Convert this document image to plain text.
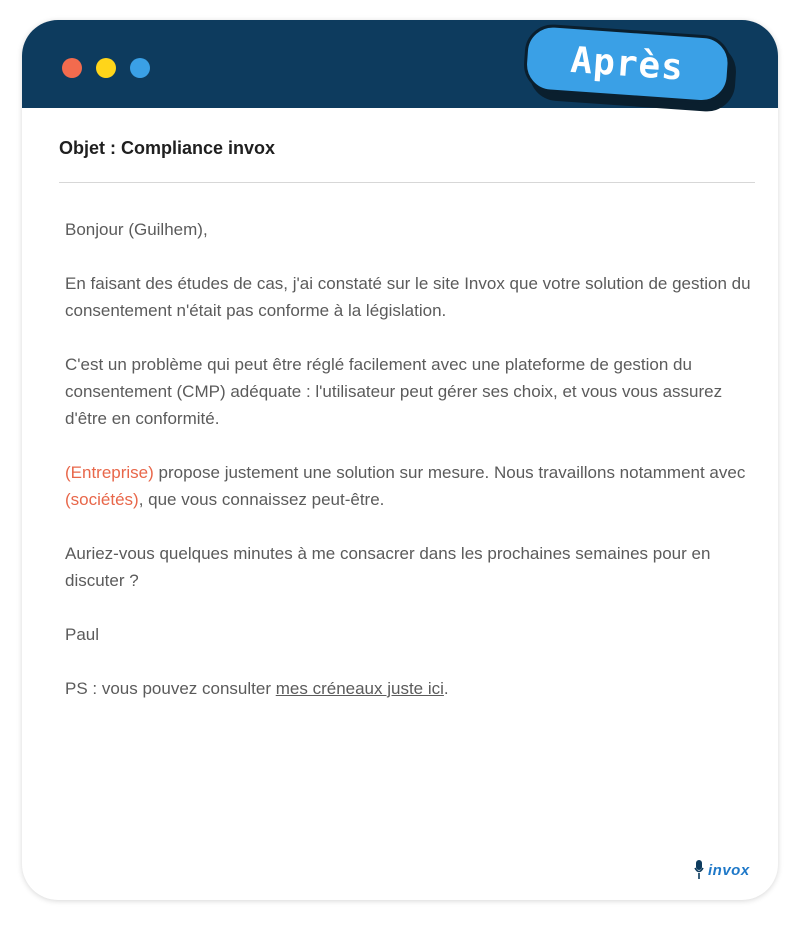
Objet : Compliance invox

Bonjour (Guilhem),

En faisant des études de cas, j'ai constaté sur le site Invox que votre solution de gestion du consentement n'était pas conforme à la législation.

C'est un problème qui peut être réglé facilement avec une plateforme de gestion du consentement (CMP) adéquate : l'utilisateur peut gérer ses choix, et vous vous assurez d'être en conformité.

(Entreprise) propose justement une solution sur mesure. Nous travaillons notamment avec (sociétés), que vous connaissez peut-être.

Auriez-vous quelques minutes à me consacrer dans les prochaines semaines pour en discuter ?

Paul

PS : vous pouvez consulter mes créneaux juste ici.

invox
Après
